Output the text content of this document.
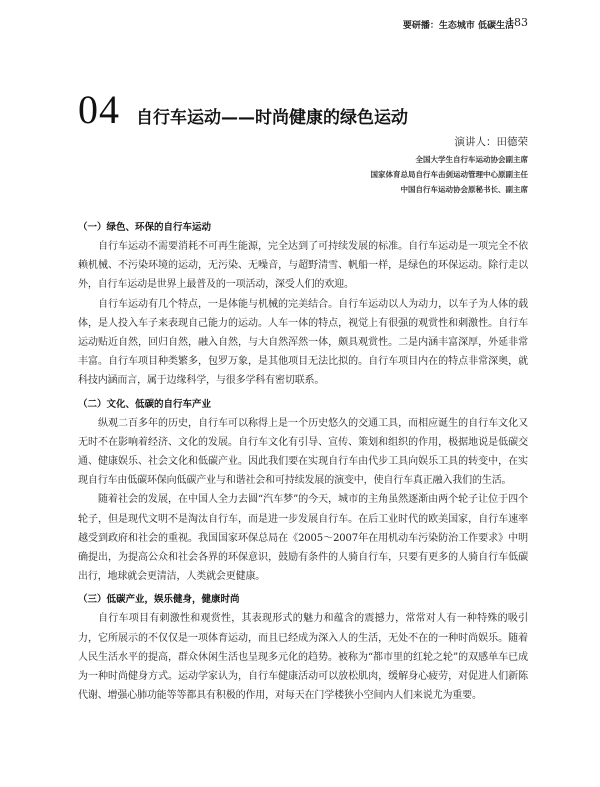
要研播：生态城市 低碳生活
183
04 自行车运动——时尚健康的绿色运动
演讲人：田德荣
全国大学生自行车运动协会副主席
国家体育总局自行车击剑运动管理中心原副主任
中国自行车运动协会原秘书长、副主席
（一）绿色、环保的自行车运动

自行车运动不需要消耗不可再生能源，完全达到了可持续发展的标准。自行车运动是一项完全不依赖机械、不污染环境的运动，无污染、无噪音，与超野清雪、帆船一样，是绿色的环保运动。除行走以外，自行车运动是世界上最普及的一项活动，深受人们的欢迎。

自行车运动有几个特点，一是体能与机械的完美结合。自行车运动以人为动力，以车子为人体的载体，是人投入车子来表现自己能力的运动。人车一体的特点，视觉上有很强的观赏性和刺激性。自行车运动贴近自然，回归自然，融入自然，与大自然浑然一体，颇具观赏性。二是内涵丰富深厚，外延非常丰富。自行车项目种类繁多，包罗万象，是其他项目无法比拟的。自行车项目内在的特点非常深奥，就科技内涵而言，属于边缘科学，与很多学科有密切联系。

（二）文化、低碳的自行车产业

纵观二百多年的历史，自行车可以称得上是一个历史悠久的交通工具，而相应诞生的自行车文化又无时不在影响着经济、文化的发展。自行车文化有引导、宣传、策划和组织的作用，极据地说是低碳交通、健康娱乐、社会文化和低碳产业。因此我们要在实现自行车由代步工具向娱乐工具的转变中，在实现自行车由低碳环保向低碳产业与和谐社会和可持续发展的演变中，使自行车真正融入我们的生活。

随着社会的发展，在中国人全力去圆“汽车梦”的今天，城市的主角虽然逐渐由两个轮子让位于四个轮子，但是现代文明不是淘汰自行车，而是进一步发展自行车。在后工业时代的欧美国家，自行车速率越受到政府和社会的重视。我国国家环保总局在《2005～2007年在用机动车污染防治工作要求》中明确提出，为提高公众和社会各界的环保意识，鼓励有条件的人骑自行车，只要有更多的人骑自行车低碳出行，地球就会更清洁，人类就会更健康。

（三）低碳产业，娱乐健身，健康时尚

自行车项目有刺激性和观赏性，其表现形式的魅力和蕴含的震撼力，常常对人有一种特殊的吸引力，它所展示的不仅仅是一项体育运动，而且已经成为深入人的生活，无处不在的一种时尚娱乐。随着人民生活水平的提高，群众休闲生活也呈现多元化的趋势。被称为“都市里的红轮之轮”的双感单车已成为一种时尚健身方式。运动学家认为，自行车健康活动可以放松肌肉，缓解身心疲劳，对促进人们新陈代谢、增强心肺功能等等都具有积极的作用，对每天在门学楼狭小空间内人们来说尤为重要。
